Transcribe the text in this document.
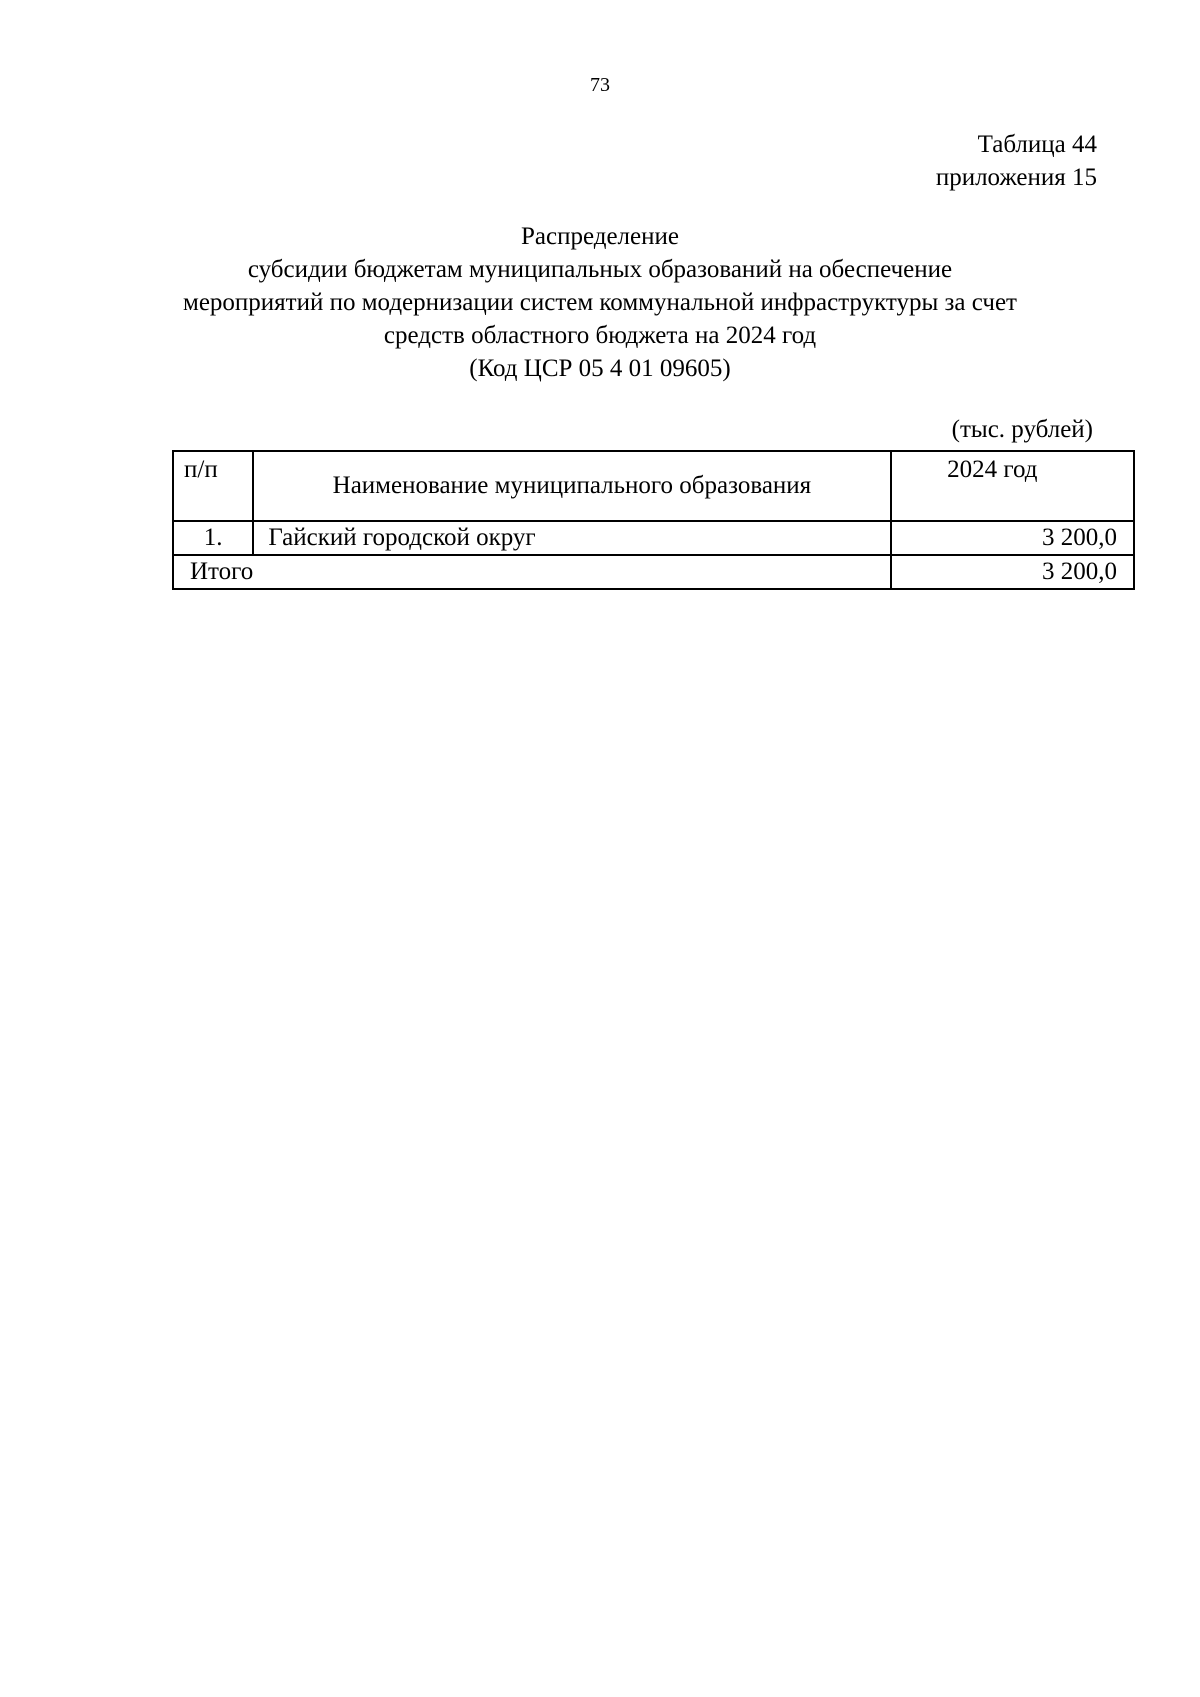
73
Таблица 44
приложения 15
Распределение
субсидии бюджетам муниципальных образований на обеспечение
мероприятий по модернизации систем коммунальной инфраструктуры за счет
средств областного бюджета на 2024 год
(Код ЦСР 05 4 01 09605)
(тыс. рублей)
п/п	Наименование муниципального образования	2024 год
1.	Гайский городской округ	3 200,0
Итого		3 200,0
